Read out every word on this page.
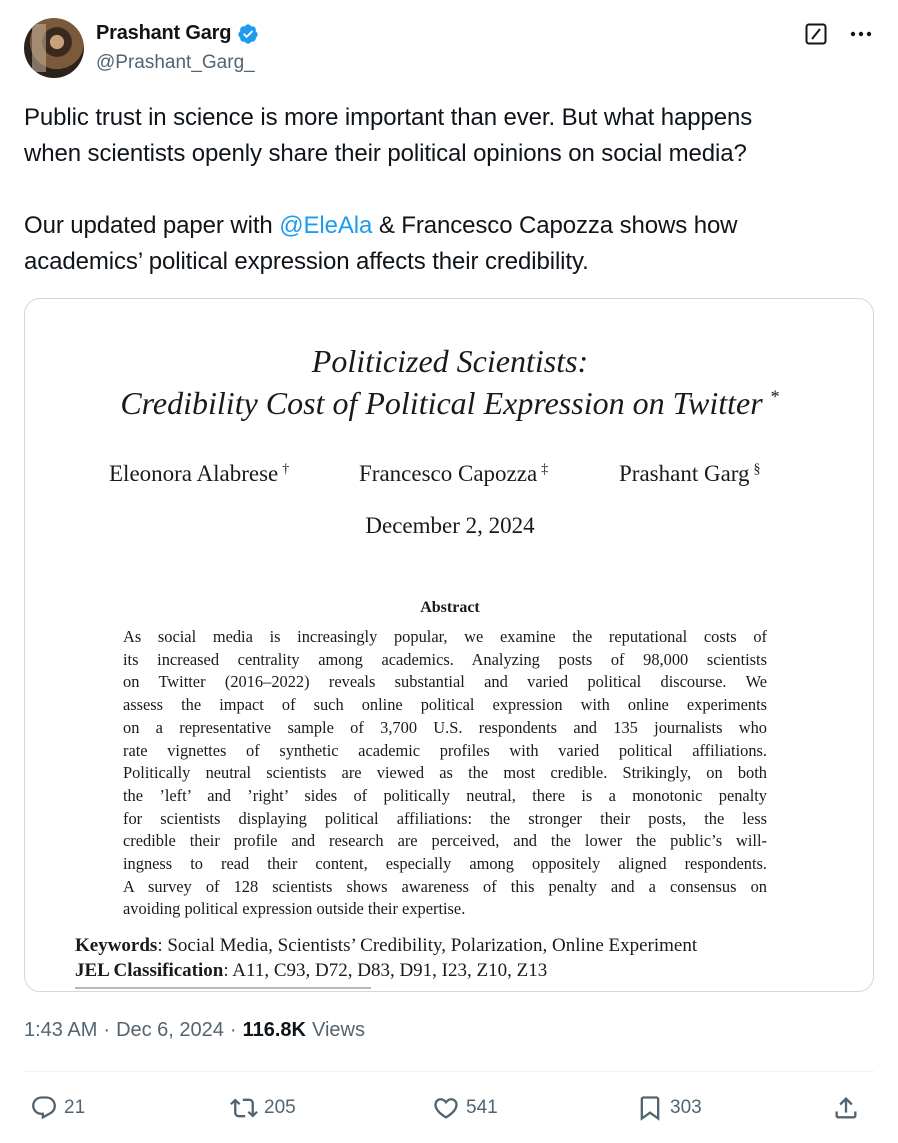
Prashant Garg
@Prashant_Garg_

Public trust in science is more important than ever. But what happens

when scientists openly share their political opinions on social media?

Our updated paper with @EleAla & Francesco Capozza shows how

academics’ political expression affects their credibility.

Politicized Scientists:
Credibility Cost of Political Expression on Twitter *
Eleonora Alabrese †	Francesco Capozza ‡	Prashant Garg §
December 2, 2024
Abstract
As social media is increasingly popular, we examine the reputational costs of
its increased centrality among academics. Analyzing posts of 98,000 scientists
on Twitter (2016–2022) reveals substantial and varied political discourse. We
assess the impact of such online political expression with online experiments
on a representative sample of 3,700 U.S. respondents and 135 journalists who
rate vignettes of synthetic academic profiles with varied political affiliations.
Politically neutral scientists are viewed as the most credible. Strikingly, on both
the ’left’ and ’right’ sides of politically neutral, there is a monotonic penalty
for scientists displaying political affiliations: the stronger their posts, the less
credible their profile and research are perceived, and the lower the public’s will-
ingness to read their content, especially among oppositely aligned respondents.
A survey of 128 scientists shows awareness of this penalty and a consensus on
avoiding political expression outside their expertise.
Keywords: Social Media, Scientists’ Credibility, Polarization, Online Experiment
JEL Classification: A11, C93, D72, D83, D91, I23, Z10, Z13
1:43 AM · Dec 6, 2024 · 116.8K Views
21	205	541	303
